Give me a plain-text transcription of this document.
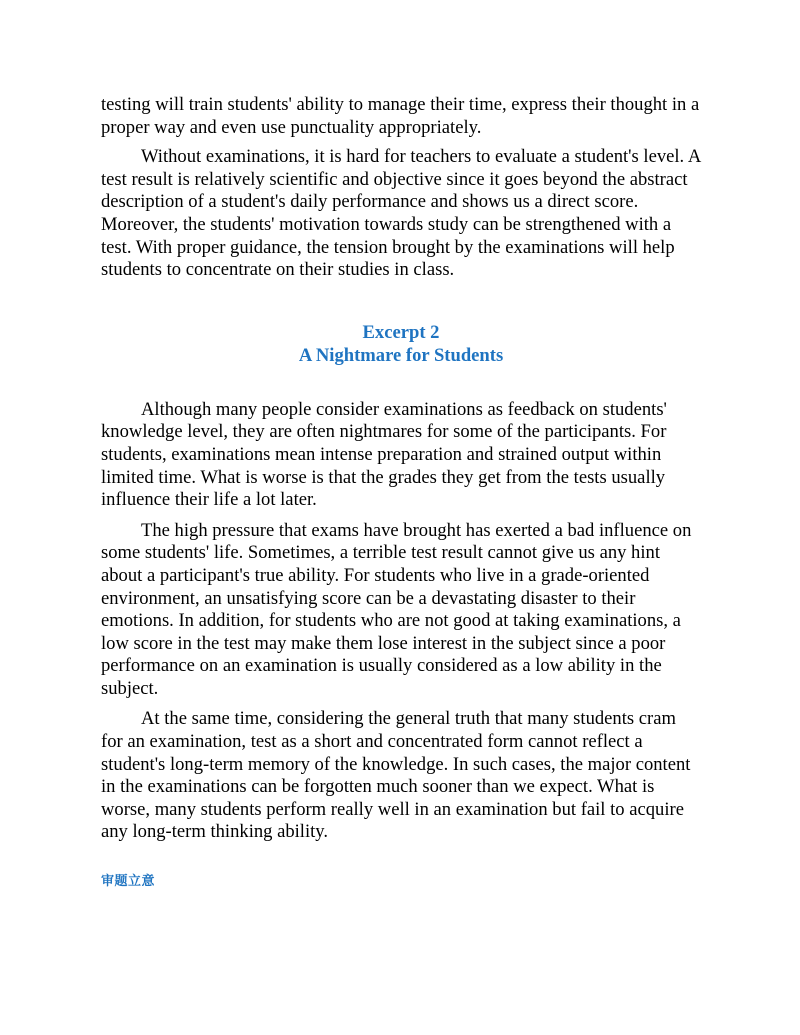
testing will train students' ability to manage their time, express their thought in a proper way and even use punctuality appropriately.

Without examinations, it is hard for teachers to evaluate a student's level. A test result is relatively scientific and objective since it goes beyond the abstract description of a student's daily performance and shows us a direct score. Moreover, the students' motivation towards study can be strengthened with a test. With proper guidance, the tension brought by the examinations will help students to concentrate on their studies in class.

Excerpt 2
A Nightmare for Students

Although many people consider examinations as feedback on students' knowledge level, they are often nightmares for some of the participants. For students, examinations mean intense preparation and strained output within limited time. What is worse is that the grades they get from the tests usually influence their life a lot later.

The high pressure that exams have brought has exerted a bad influence on some students' life. Sometimes, a terrible test result cannot give us any hint about a participant's true ability. For students who live in a grade-oriented environment, an unsatisfying score can be a devastating disaster to their emotions. In addition, for students who are not good at taking examinations, a low score in the test may make them lose interest in the subject since a poor performance on an examination is usually considered as a low ability in the subject.

At the same time, considering the general truth that many students cram for an examination, test as a short and concentrated form cannot reflect a student's long-term memory of the knowledge. In such cases, the major content in the examinations can be forgotten much sooner than we expect. What is worse, many students perform really well in an examination but fail to acquire any long-term thinking ability.

审题立意
